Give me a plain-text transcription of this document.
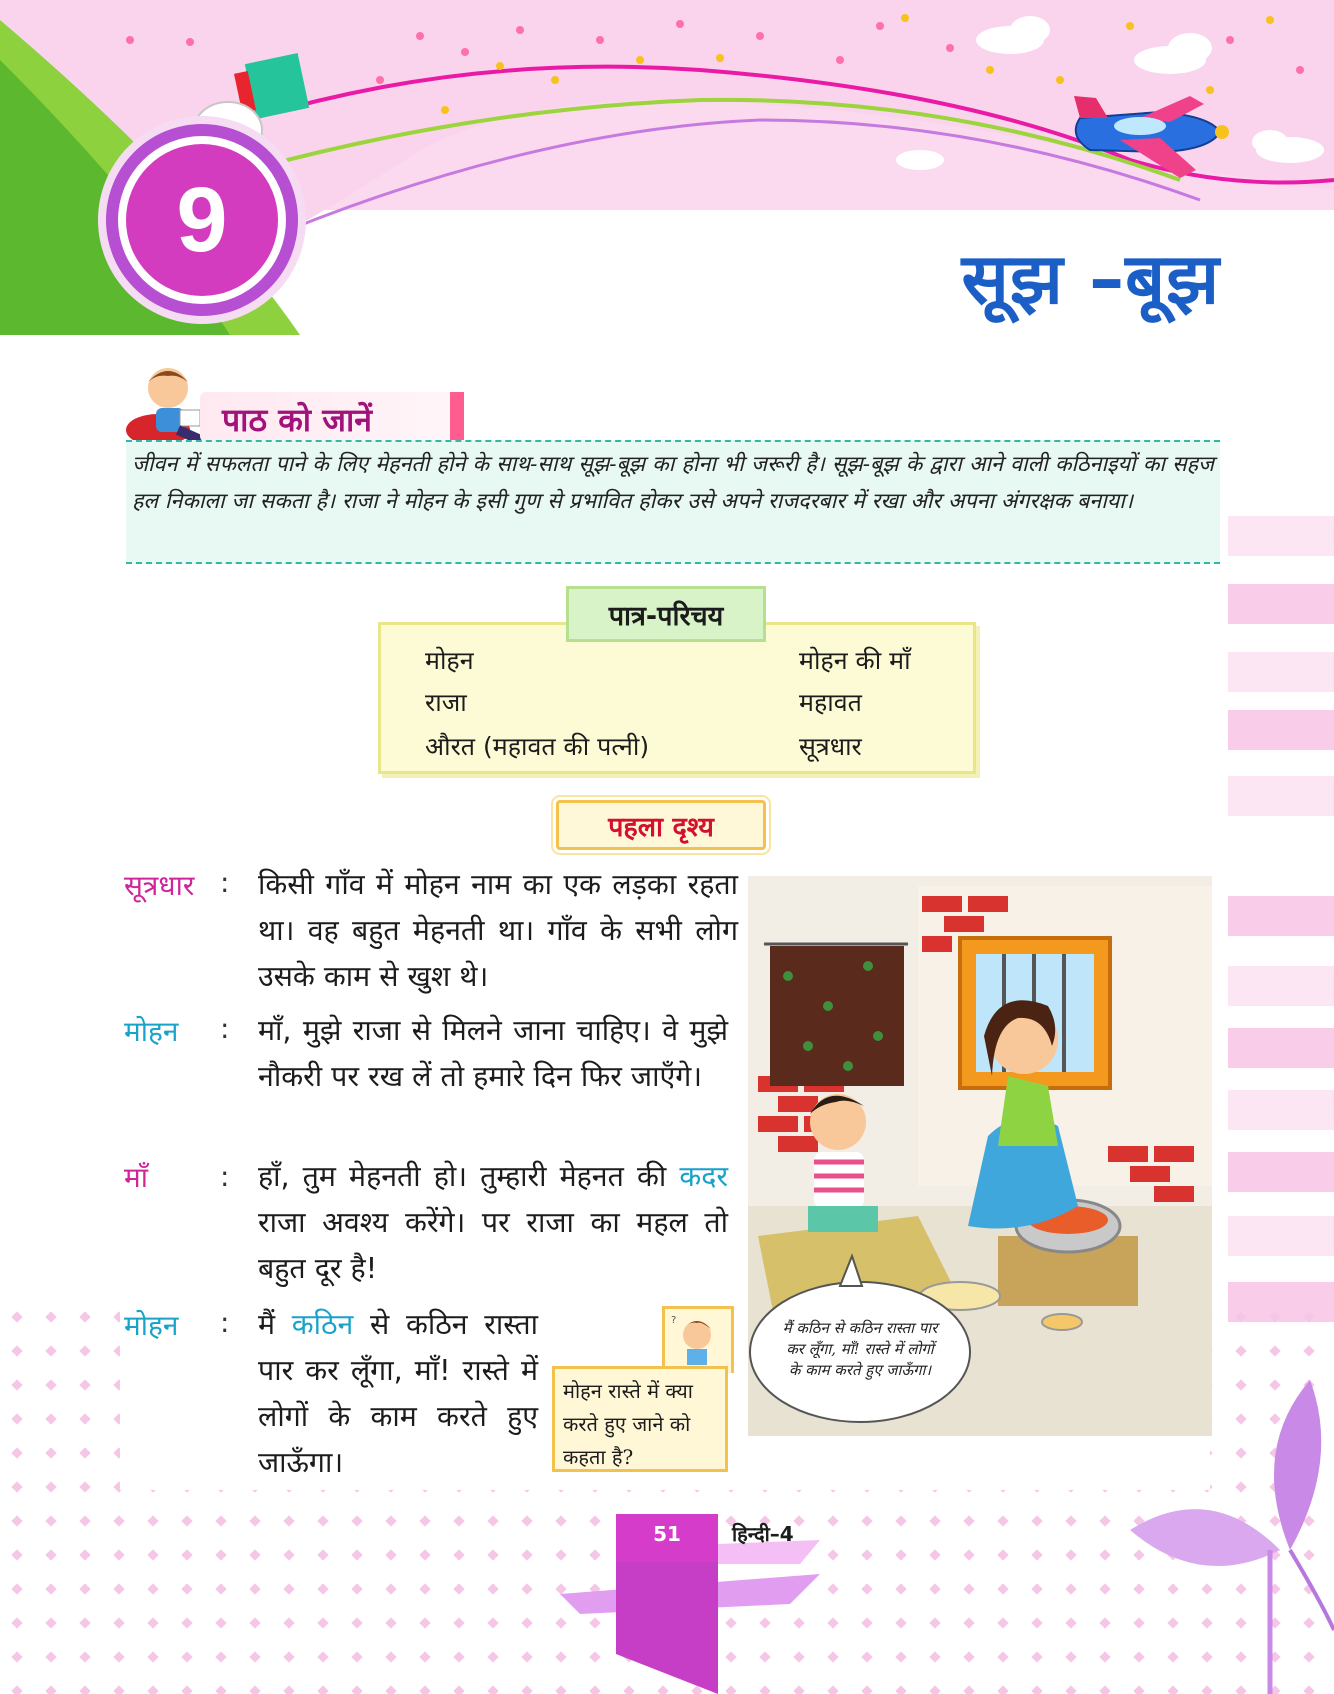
9
सूझ –बूझ
पाठ को जानें

जीवन में सफलता पाने के लिए मेहनती होने के साथ-साथ सूझ-बूझ का होना भी जरूरी है। सूझ-बूझ के द्वारा आने वाली कठिनाइयों का सहज हल निकाला जा सकता है। राजा ने मोहन के इसी गुण से प्रभावित होकर उसे अपने राजदरबार में रखा और अपना अंगरक्षक बनाया।

मोहन
राजा
औरत (महावत की पत्नी)
मोहन की माँ
महावत
सूत्रधार
पात्र-परिचय
पहला दृश्य
सूत्रधार : किसी गाँव में मोहन नाम का एक लड़का रहता था। वह बहुत मेहनती था। गाँव के सभी लोग उसके काम से खुश थे।
मोहन : माँ, मुझे राजा से मिलने जाना चाहिए। वे मुझे नौकरी पर रख लें तो हमारे दिन फिर जाएँगे।
माँ	: हाँ, तुम मेहनती हो। तुम्हारी मेहनत की कदर राजा अवश्य करेंगे। पर राजा का महल तो बहुत दूर है!
मोहन : मैं कठिन से कठिन रास्ता पार कर लूँगा, माँ! रास्ते में लोगों के काम करते हुए जाऊँगा।
?
मोहन रास्ते में क्या करते हुए जाने को कहता है?
मैं कठिन से कठिन रास्ता पार कर लूँगा, माँ! रास्ते में लोगों के काम करते हुए जाऊँगा।
51	हिन्दी–4
